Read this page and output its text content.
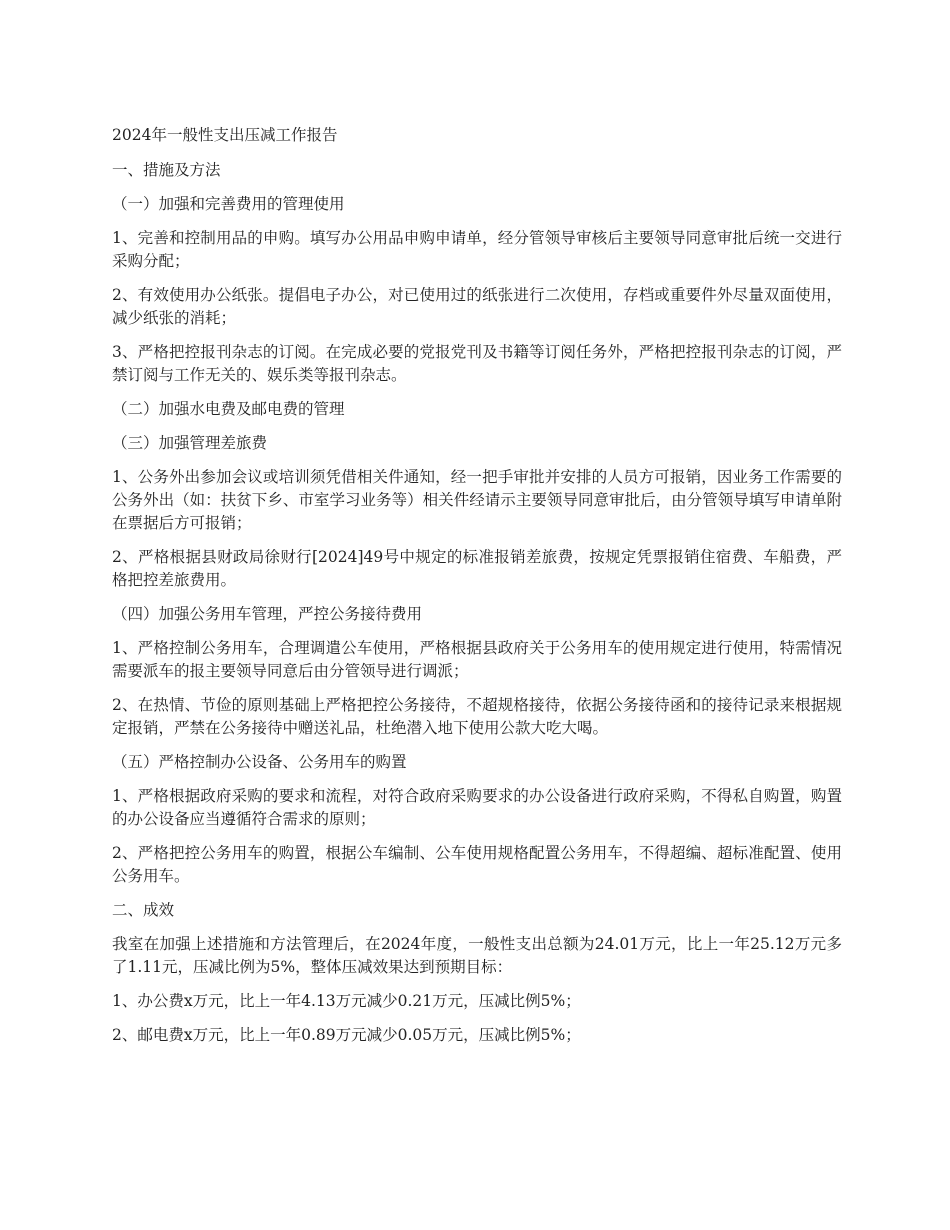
2024年一般性支出压减工作报告

一、措施及方法

（一）加强和完善费用的管理使用

1、完善和控制用品的申购。填写办公用品申购申请单，经分管领导审核后主要领导同意审批后统一交进行采购分配；

2、有效使用办公纸张。提倡电子办公，对已使用过的纸张进行二次使用，存档或重要件外尽量双面使用，减少纸张的消耗；

3、严格把控报刊杂志的订阅。在完成必要的党报党刊及书籍等订阅任务外，严格把控报刊杂志的订阅，严禁订阅与工作无关的、娱乐类等报刊杂志。

（二）加强水电费及邮电费的管理

（三）加强管理差旅费

1、公务外出参加会议或培训须凭借相关件通知，经一把手审批并安排的人员方可报销，因业务工作需要的公务外出（如：扶贫下乡、市室学习业务等）相关件经请示主要领导同意审批后，由分管领导填写申请单附在票据后方可报销；

2、严格根据县财政局徐财行[2024]49号中规定的标准报销差旅费，按规定凭票报销住宿费、车船费，严格把控差旅费用。

（四）加强公务用车管理，严控公务接待费用

1、严格控制公务用车，合理调遣公车使用，严格根据县政府关于公务用车的使用规定进行使用，特需情况需要派车的报主要领导同意后由分管领导进行调派；

2、在热情、节俭的原则基础上严格把控公务接待，不超规格接待，依据公务接待函和的接待记录来根据规定报销，严禁在公务接待中赠送礼品，杜绝潜入地下使用公款大吃大喝。

（五）严格控制办公设备、公务用车的购置

1、严格根据政府采购的要求和流程，对符合政府采购要求的办公设备进行政府采购，不得私自购置，购置的办公设备应当遵循符合需求的原则；

2、严格把控公务用车的购置，根据公车编制、公车使用规格配置公务用车，不得超编、超标准配置、使用公务用车。

二、成效

我室在加强上述措施和方法管理后，在2024年度，一般性支出总额为24.01万元，比上一年25.12万元多了1.11元，压减比例为5%，整体压减效果达到预期目标：

1、办公费x万元，比上一年4.13万元减少0.21万元，压减比例5%；

2、邮电费x万元，比上一年0.89万元减少0.05万元，压减比例5%；
